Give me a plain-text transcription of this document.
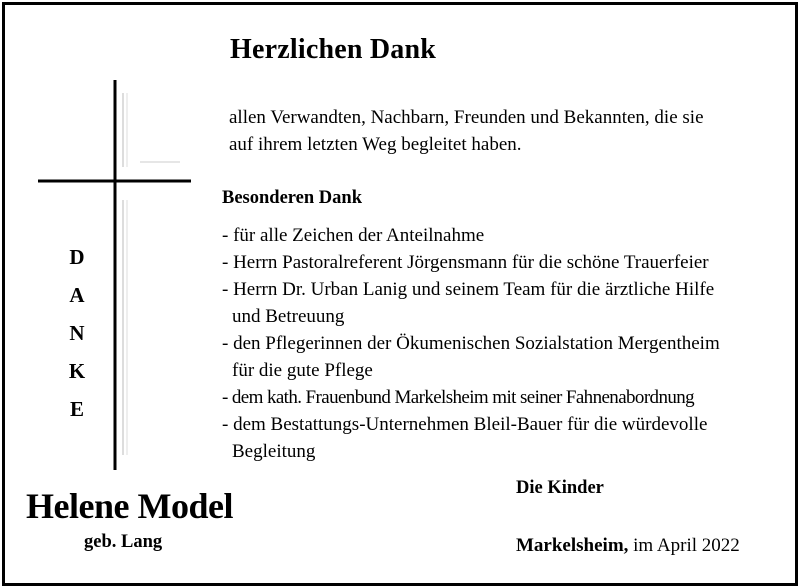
Herzlichen Dank
allen Verwandten, Nachbarn, Freunden und Bekannten, die sie
auf ihrem letzten Weg begleitet haben.
Besonderen Dank
- für alle Zeichen der Anteilnahme
- Herrn Pastoralreferent Jörgensmann für die schöne Trauerfeier
- Herrn Dr. Urban Lanig und seinem Team für die ärztliche Hilfe
und Betreuung
- den Pflegerinnen der Ökumenischen Sozialstation Mergentheim
für die gute Pflege
- dem kath. Frauenbund Markelsheim mit seiner Fahnenabordnung
- dem Bestattungs-Unternehmen Bleil-Bauer für die würdevolle
Begleitung
D
A
N
K
E
Helene Model
geb. Lang
Die Kinder
Markelsheim, im April 2022
